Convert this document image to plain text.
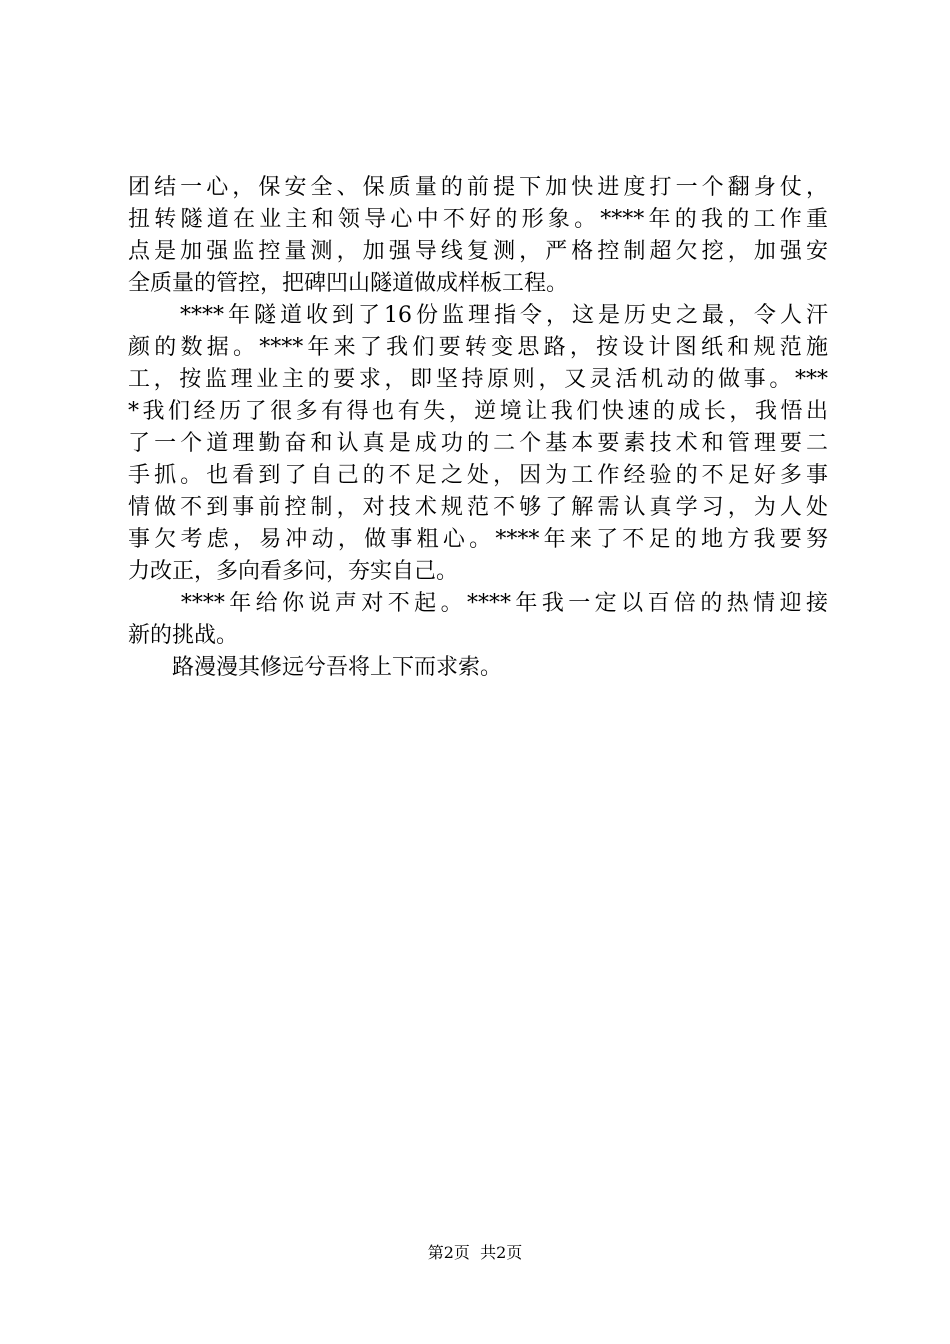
团结一心，保安全、保质量的前提下加快进度打一个翻身仗，
扭转隧道在业主和领导心中不好的形象。****年的我的工作重
点是加强监控量测，加强导线复测，严格控制超欠挖，加强安
全质量的管控，把碑凹山隧道做成样板工程。
　　****年隧道收到了16份监理指令，这是历史之最，令人汗
颜的数据。****年来了我们要转变思路，按设计图纸和规范施
工，按监理业主的要求，即坚持原则，又灵活机动的做事。***
*我们经历了很多有得也有失，逆境让我们快速的成长，我悟出
了一个道理勤奋和认真是成功的二个基本要素技术和管理要二
手抓。也看到了自己的不足之处，因为工作经验的不足好多事
情做不到事前控制，对技术规范不够了解需认真学习，为人处
事欠考虑，易冲动，做事粗心。****年来了不足的地方我要努
力改正，多向看多问，夯实自己。
　　****年给你说声对不起。****年我一定以百倍的热情迎接
新的挑战。
　　路漫漫其修远兮吾将上下而求索。
第2页  共2页
